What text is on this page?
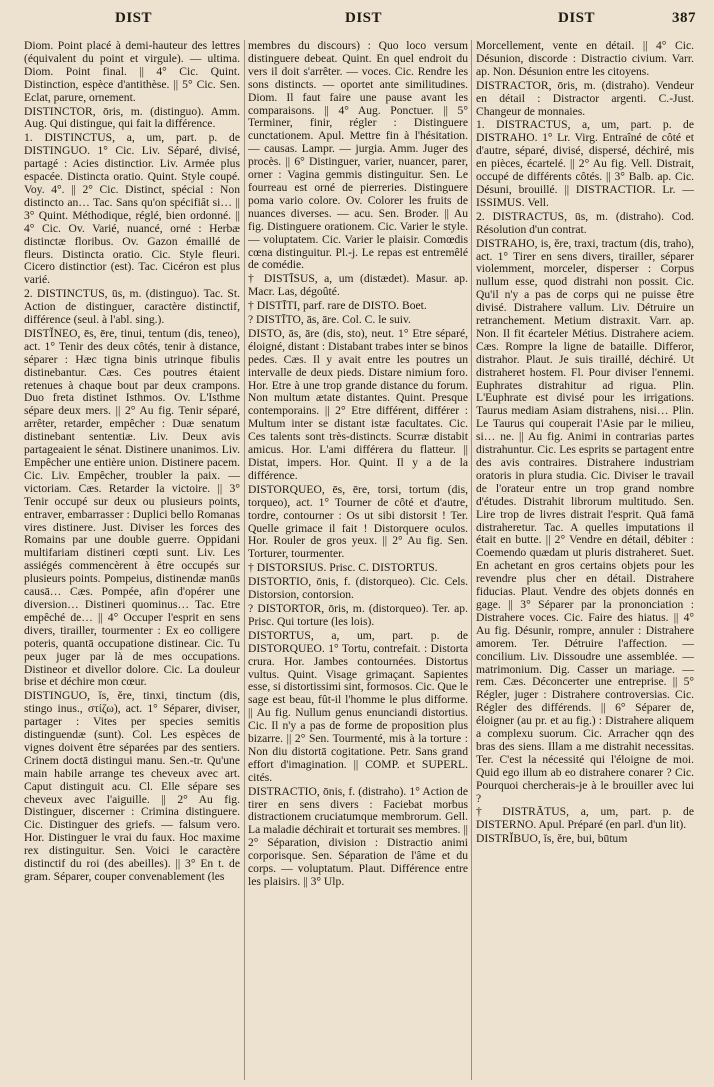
DIST	DIST	DIST	387

Diom. Point placé à demi-hauteur des lettres (équivalent du point et virgule). — ultima. Diom. Point final. || 4° Cic. Quint. Distinction, espèce d'antithèse. || 5° Cic. Sen. Eclat, parure, ornement.

DISTINCTOR, ōris, m. (distinguo). Amm. Aug. Qui distingue, qui fait la différence.

1. DISTINCTUS, a, um, part. p. de DISTINGUO. 1° Cic. Liv. Séparé, divisé, partagé : Acies distinctior. Liv. Armée plus espacée. Distincta oratio. Quint. Style coupé. Voy. 4°. || 2° Cic. Distinct, spécial : Non distincto an… Tac. Sans qu'on spécifiât si… || 3° Quint. Méthodique, réglé, bien ordonné. || 4° Cic. Ov. Varié, nuancé, orné : Herbæ distinctæ floribus. Ov. Gazon émaillé de fleurs. Distincta oratio. Cic. Style fleuri. Cicero distinctior (est). Tac. Cicéron est plus varié.

2. DISTINCTUS, ūs, m. (distinguo). Tac. St. Action de distinguer, caractère distinctif, différence (seul. à l'abl. sing.).

DISTĬNEO, ēs, ēre, tinui, tentum (dis, teneo), act. 1° Tenir des deux côtés, tenir à distance, séparer : Hæc tigna binis utrinque fibulis distinebantur. Cæs. Ces poutres étaient retenues à chaque bout par deux crampons. Duo freta distinet Isthmos. Ov. L'Isthme sépare deux mers. || 2° Au fig. Tenir séparé, arrêter, retarder, empêcher : Duæ senatum distinebant sententiæ. Liv. Deux avis partageaient le sénat. Distinere unanimos. Liv. Empêcher une entière union. Distinere pacem. Cic. Liv. Empêcher, troubler la paix. — victoriam. Cæs. Retarder la victoire. || 3° Tenir occupé sur deux ou plusieurs points, entraver, embarrasser : Duplici bello Romanas vires distinere. Just. Diviser les forces des Romains par une double guerre. Oppidani multifariam distineri cœpti sunt. Liv. Les assiégés commencèrent à être occupés sur plusieurs points. Pompeius, distinendæ manūs causā… Cæs. Pompée, afin d'opérer une diversion… Distineri quominus… Tac. Etre empêché de… || 4° Occuper l'esprit en sens divers, tirailler, tourmenter : Ex eo colligere poteris, quantā occupatione distinear. Cic. Tu peux juger par là de mes occupations. Distineor et divellor dolore. Cic. La douleur brise et déchire mon cœur.

DISTINGUO, ĭs, ĕre, tinxi, tinctum (dis, stingo inus., στίζω), act. 1° Séparer, diviser, partager : Vites per species semitis distinguendæ (sunt). Col. Les espèces de vignes doivent être séparées par des sentiers. Crinem doctā distingui manu. Sen.-tr. Qu'une main habile arrange tes cheveux avec art. Caput distinguit acu. Cl. Elle sépare ses cheveux avec l'aiguille. || 2° Au fig. Distinguer, discerner : Crimina distinguere. Cic. Distinguer des griefs. — falsum vero. Hor. Distinguer le vrai du faux. Hoc maxime rex distinguitur. Sen. Voici le caractère distinctif du roi (des abeilles). || 3° En t. de gram. Séparer, couper convenablement (les

membres du discours) : Quo loco versum distinguere debeat. Quint. En quel endroit du vers il doit s'arrêter. — voces. Cic. Rendre les sons distincts. — oportet ante similitudines. Diom. Il faut faire une pause avant les comparaisons. || 4° Aug. Ponctuer. || 5° Terminer, finir, régler : Distinguere cunctationem. Apul. Mettre fin à l'hésitation. — causas. Lampr. — jurgia. Amm. Juger des procès. || 6° Distinguer, varier, nuancer, parer, orner : Vagina gemmis distinguitur. Sen. Le fourreau est orné de pierreries. Distinguere poma vario colore. Ov. Colorer les fruits de nuances diverses. — acu. Sen. Broder. || Au fig. Distinguere orationem. Cic. Varier le style. — voluptatem. Cic. Varier le plaisir. Comœdis cœna distinguitur. Pl.-j. Le repas est entremêlé de comédie.

† DISTĪSUS, a, um (distædet). Masur. ap. Macr. Las, dégoûté.

† DISTĪTI, parf. rare de DISTO. Boet.

? DISTĪTO, ās, āre. Col. C. le suiv.

DISTO, ās, āre (dis, sto), neut. 1° Etre séparé, éloigné, distant : Distabant trabes inter se binos pedes. Cæs. Il y avait entre les poutres un intervalle de deux pieds. Distare nimium foro. Hor. Etre à une trop grande distance du forum. Non multum ætate distantes. Quint. Presque contemporains. || 2° Etre différent, différer : Multum inter se distant istæ facultates. Cic. Ces talents sont très-distincts. Scurræ distabit amicus. Hor. L'ami différera du flatteur. || Distat, impers. Hor. Quint. Il y a de la différence.

DISTORQUEO, ēs, ēre, torsi, tortum (dis, torqueo), act. 1° Tourner de côté et d'autre, tordre, contourner : Os ut sibi distorsit ! Ter. Quelle grimace il fait ! Distorquere oculos. Hor. Rouler de gros yeux. || 2° Au fig. Sen. Torturer, tourmenter.

† DISTORSIUS. Prisc. C. DISTORTUS.

DISTORTIO, ōnis, f. (distorqueo). Cic. Cels. Distorsion, contorsion.

? DISTORTOR, ōris, m. (distorqueo). Ter. ap. Prisc. Qui torture (les lois).

DISTORTUS, a, um, part. p. de DISTORQUEO. 1° Tortu, contrefait. : Distorta crura. Hor. Jambes contournées. Distortus vultus. Quint. Visage grimaçant. Sapientes esse, si distortissimi sint, formosos. Cic. Que le sage est beau, fût-il l'homme le plus difforme. || Au fig. Nullum genus enunciandi distortius. Cic. Il n'y a pas de forme de proposition plus bizarre. || 2° Sen. Tourmenté, mis à la torture : Non diu distortā cogitatione. Petr. Sans grand effort d'imagination. || COMP. et SUPERL. cités.

DISTRACTIO, ōnis, f. (distraho). 1° Action de tirer en sens divers : Faciebat morbus distractionem cruciatumque membrorum. Gell. La maladie déchirait et torturait ses membres. || 2° Séparation, division : Distractio animi corporisque. Sen. Séparation de l'âme et du corps. — voluptatum. Plaut. Différence entre les plaisirs. || 3° Ulp.

Morcellement, vente en détail. || 4° Cic. Désunion, discorde : Distractio civium. Varr. ap. Non. Désunion entre les citoyens.

DISTRACTOR, ōris, m. (distraho). Vendeur en détail : Distractor argenti. C.-Just. Changeur de monnaies.

1. DISTRACTUS, a, um, part. p. de DISTRAHO. 1° Lr. Virg. Entraîné de côté et d'autre, séparé, divisé, dispersé, déchiré, mis en pièces, écartelé. || 2° Au fig. Vell. Distrait, occupé de différents côtés. || 3° Balb. ap. Cic. Désuni, brouillé. || DISTRACTIOR. Lr. — ISSIMUS. Vell.

2. DISTRACTUS, ūs, m. (distraho). Cod. Résolution d'un contrat.

DISTRAHO, is, ĕre, traxi, tractum (dis, traho), act. 1° Tirer en sens divers, tirailler, séparer violemment, morceler, disperser : Corpus nullum esse, quod distrahi non possit. Cic. Qu'il n'y a pas de corps qui ne puisse être divisé. Distrahere vallum. Liv. Détruire un retranchement. Metium distraxit. Varr. ap. Non. Il fit écarteler Métius. Distrahere aciem. Cæs. Rompre la ligne de bataille. Differor, distrahor. Plaut. Je suis tiraillé, déchiré. Ut distraheret hostem. Fl. Pour diviser l'ennemi. Euphrates distrahitur ad rigua. Plin. L'Euphrate est divisé pour les irrigations. Taurus mediam Asiam distrahens, nisi… Plin. Le Taurus qui couperait l'Asie par le milieu, si… ne. || Au fig. Animi in contrarias partes distrahuntur. Cic. Les esprits se partagent entre des avis contraires. Distrahere industriam oratoris in plura studia. Cic. Diviser le travail de l'orateur entre un trop grand nombre d'études. Distrahit librorum multitudo. Sen. Lire trop de livres distrait l'esprit. Quā famā distraheretur. Tac. A quelles imputations il était en butte. || 2° Vendre en détail, débiter : Coemendo quædam ut pluris distraheret. Suet. En achetant en gros certains objets pour les revendre plus cher en détail. Distrahere fiducias. Plaut. Vendre des objets donnés en gage. || 3° Séparer par la prononciation : Distrahere voces. Cic. Faire des hiatus. || 4° Au fig. Désunir, rompre, annuler : Distrahere amorem. Ter. Détruire l'affection. — concilium. Liv. Dissoudre une assemblée. — matrimonium. Dig. Casser un mariage. — rem. Cæs. Déconcerter une entreprise. || 5° Régler, juger : Distrahere controversias. Cic. Régler des différends. || 6° Séparer de, éloigner (au pr. et au fig.) : Distrahere aliquem a complexu suorum. Cic. Arracher qqn des bras des siens. Illam a me distrahit necessitas. Ter. C'est la nécessité qui l'éloigne de moi. Quid ego illum ab eo distrahere conarer ? Cic. Pourquoi chercherais-je à le brouiller avec lui ?

† DISTRĀTUS, a, um, part. p. de DISTERNO. Apul. Préparé (en parl. d'un lit).

DISTRĬBUO, ĭs, ĕre, bui, būtum
